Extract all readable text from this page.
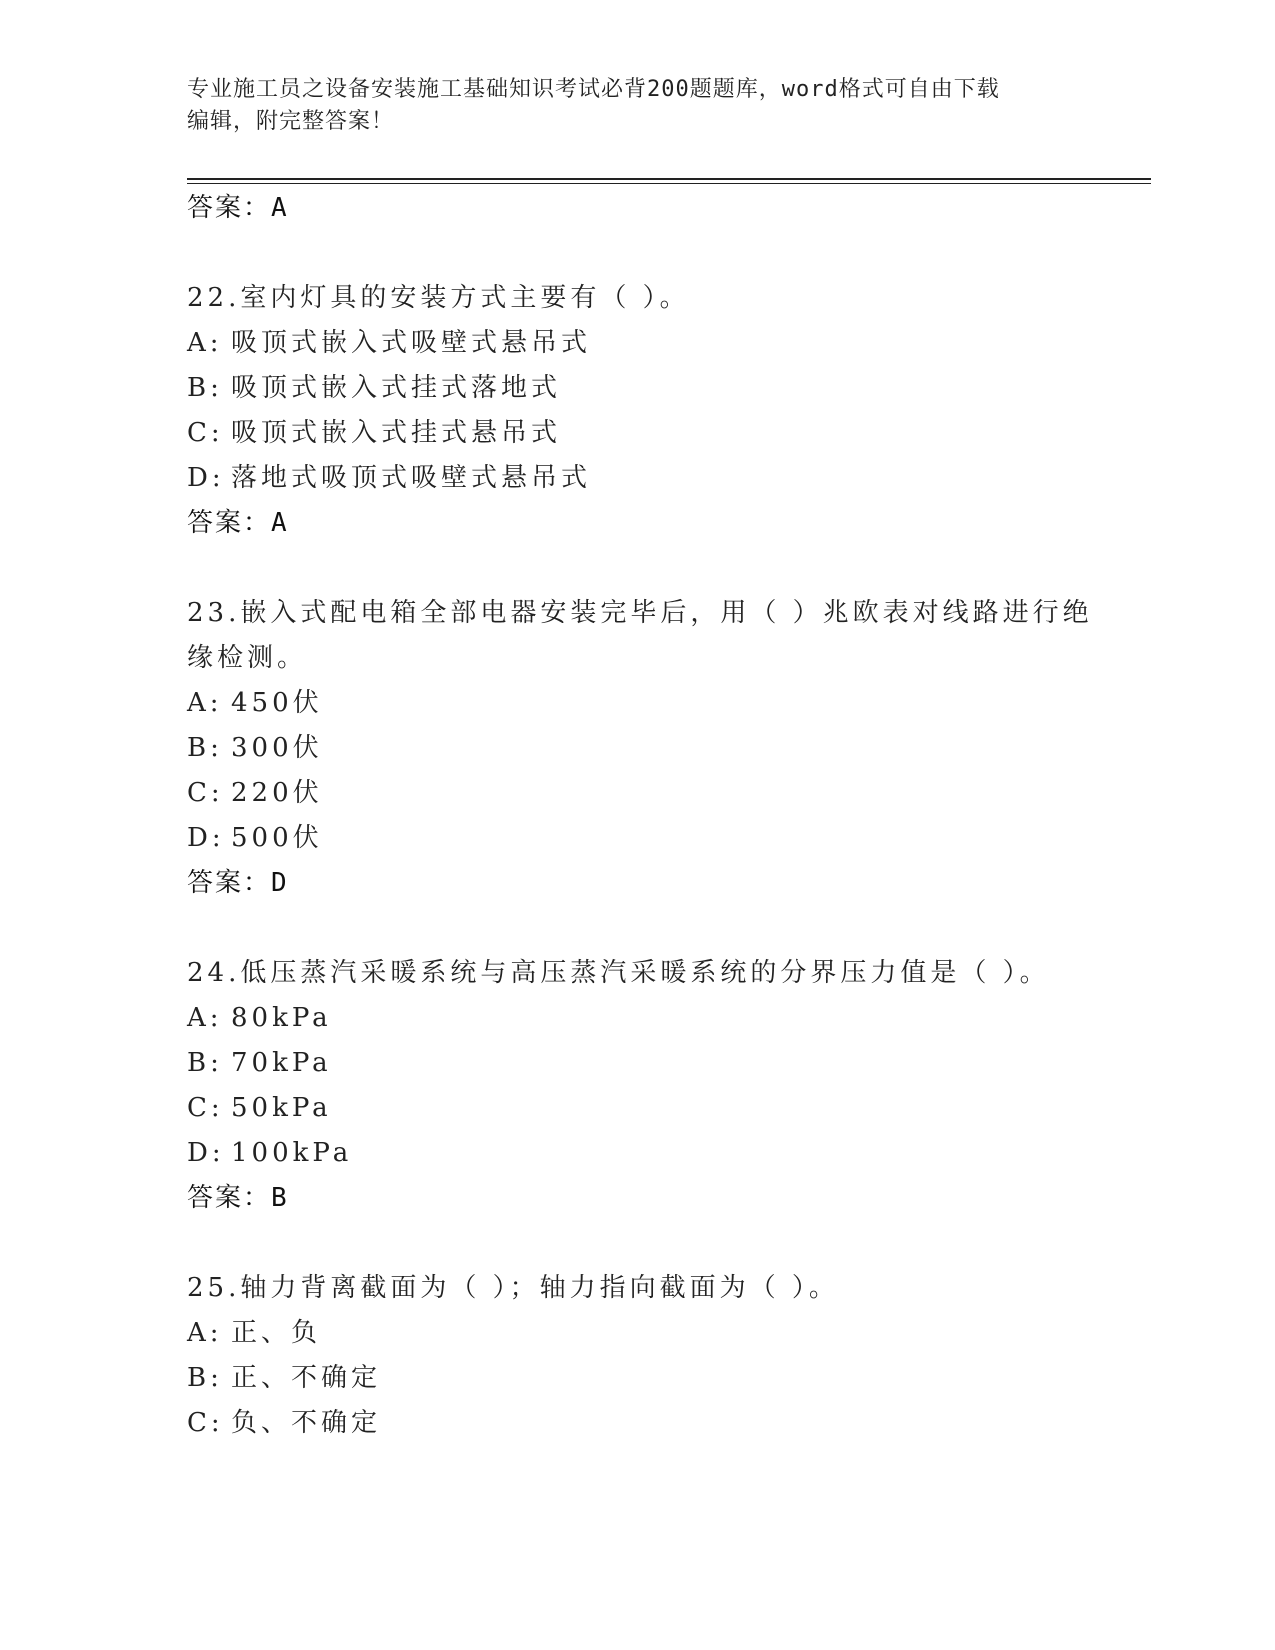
专业施工员之设备安装施工基础知识考试必背200题题库，word格式可自由下载
编辑，附完整答案！
答案：A
22.室内灯具的安装方式主要有（ ）。
A: 吸顶式嵌入式吸壁式悬吊式
B: 吸顶式嵌入式挂式落地式
C: 吸顶式嵌入式挂式悬吊式
D: 落地式吸顶式吸壁式悬吊式
答案：A
23.嵌入式配电箱全部电器安装完毕后，用（ ）兆欧表对线路进行绝
缘检测。
A: 450伏
B: 300伏
C: 220伏
D: 500伏
答案：D
24.低压蒸汽采暖系统与高压蒸汽采暖系统的分界压力值是（ ）。
A: 80kPa
B: 70kPa
C: 50kPa
D: 100kPa
答案：B
25.轴力背离截面为（ ）；轴力指向截面为（ ）。
A: 正、负
B: 正、不确定
C: 负、不确定
